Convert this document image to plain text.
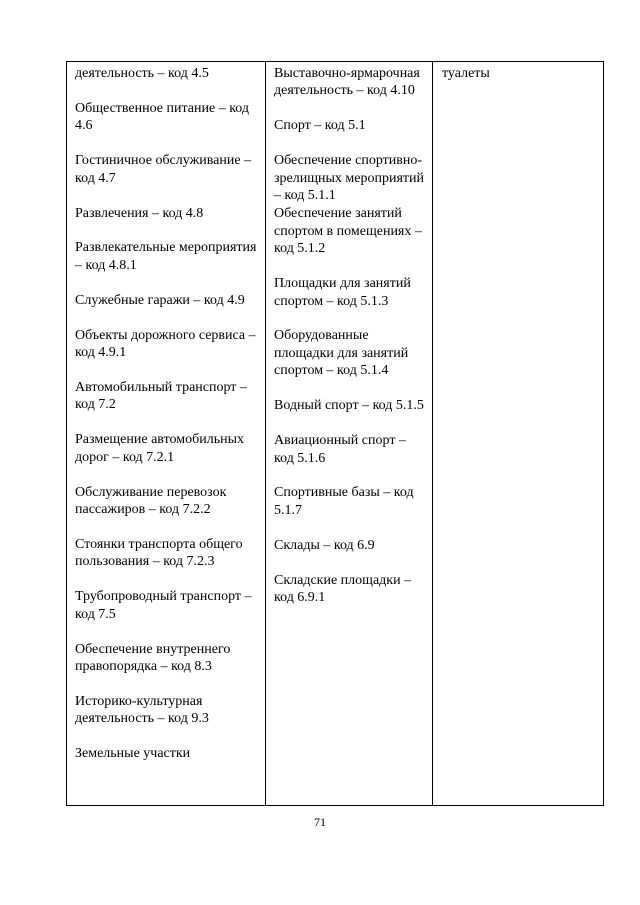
деятельность – код 4.5

Общественное питание – код 4.6

Гостиничное обслуживание – код 4.7

Развлечения – код 4.8

Развлекательные мероприятия – код 4.8.1

Служебные гаражи – код 4.9

Объекты дорожного сервиса – код 4.9.1

Автомобильный транспорт – код 7.2

Размещение автомобильных дорог – код 7.2.1

Обслуживание перевозок пассажиров – код 7.2.2

Стоянки транспорта общего пользования – код 7.2.3

Трубопроводный транспорт – код 7.5

Обеспечение внутреннего правопорядка – код 8.3

Историко-культурная деятельность – код 9.3

Земельные участки

Выставочно-ярмарочная деятельность – код 4.10

Спорт – код 5.1

Обеспечение спортивно-зрелищных мероприятий – код 5.1.1

Обеспечение занятий спортом в помещениях – код 5.1.2

Площадки для занятий спортом – код 5.1.3

Оборудованные площадки для занятий спортом – код 5.1.4

Водный спорт – код 5.1.5

Авиационный спорт – код 5.1.6

Спортивные базы – код 5.1.7

Склады – код 6.9

Складские площадки – код 6.9.1

туалеты

71
